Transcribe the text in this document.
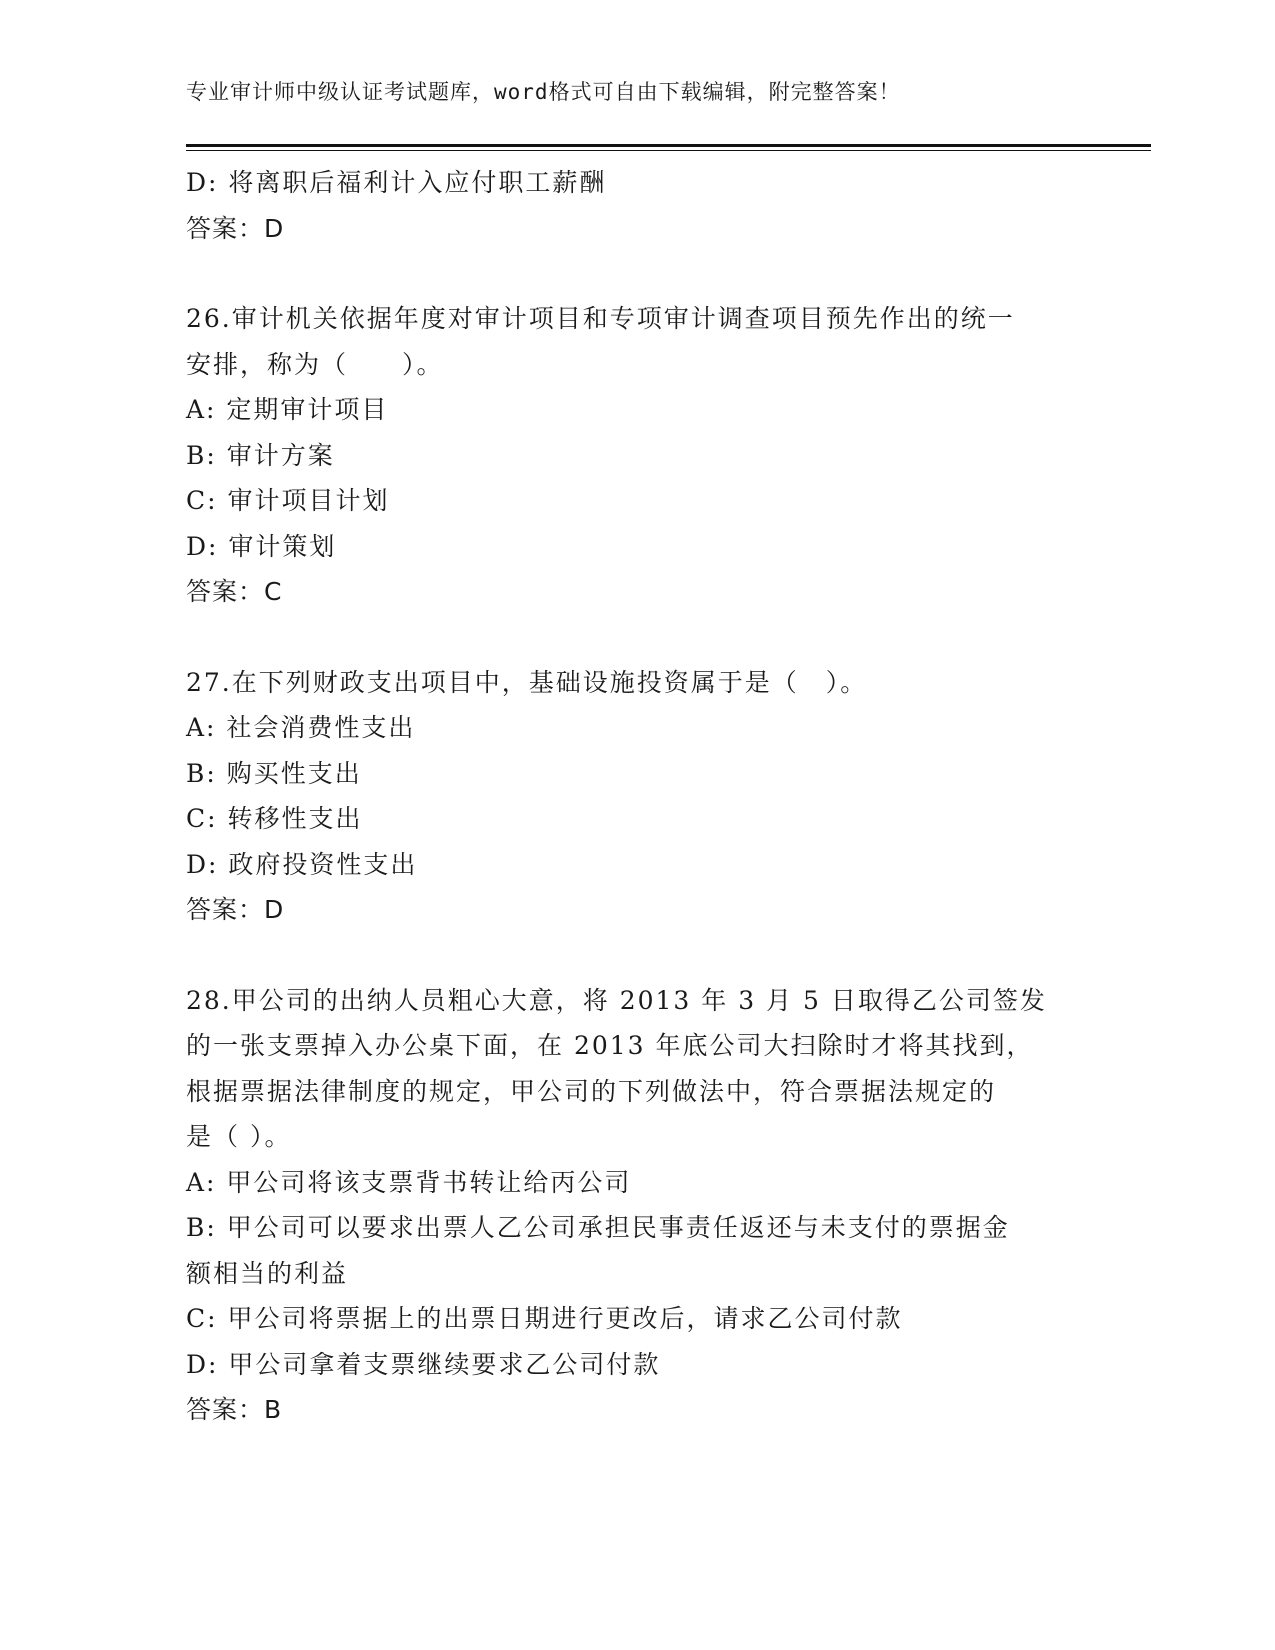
专业审计师中级认证考试题库，word格式可自由下载编辑，附完整答案！

D: 将离职后福利计入应付职工薪酬

答案：D

26.审计机关依据年度对审计项目和专项审计调查项目预先作出的统一

安排，称为（　　）。

A: 定期审计项目

B: 审计方案

C: 审计项目计划

D: 审计策划

答案：C

27.在下列财政支出项目中，基础设施投资属于是（　）。

A: 社会消费性支出

B: 购买性支出

C: 转移性支出

D: 政府投资性支出

答案：D

28.甲公司的出纳人员粗心大意，将 2013 年 3 月 5 日取得乙公司签发

的一张支票掉入办公桌下面，在 2013 年底公司大扫除时才将其找到，

根据票据法律制度的规定，甲公司的下列做法中，符合票据法规定的

是（ ）。

A: 甲公司将该支票背书转让给丙公司

B: 甲公司可以要求出票人乙公司承担民事责任返还与未支付的票据金

额相当的利益

C: 甲公司将票据上的出票日期进行更改后，请求乙公司付款

D: 甲公司拿着支票继续要求乙公司付款

答案：B
